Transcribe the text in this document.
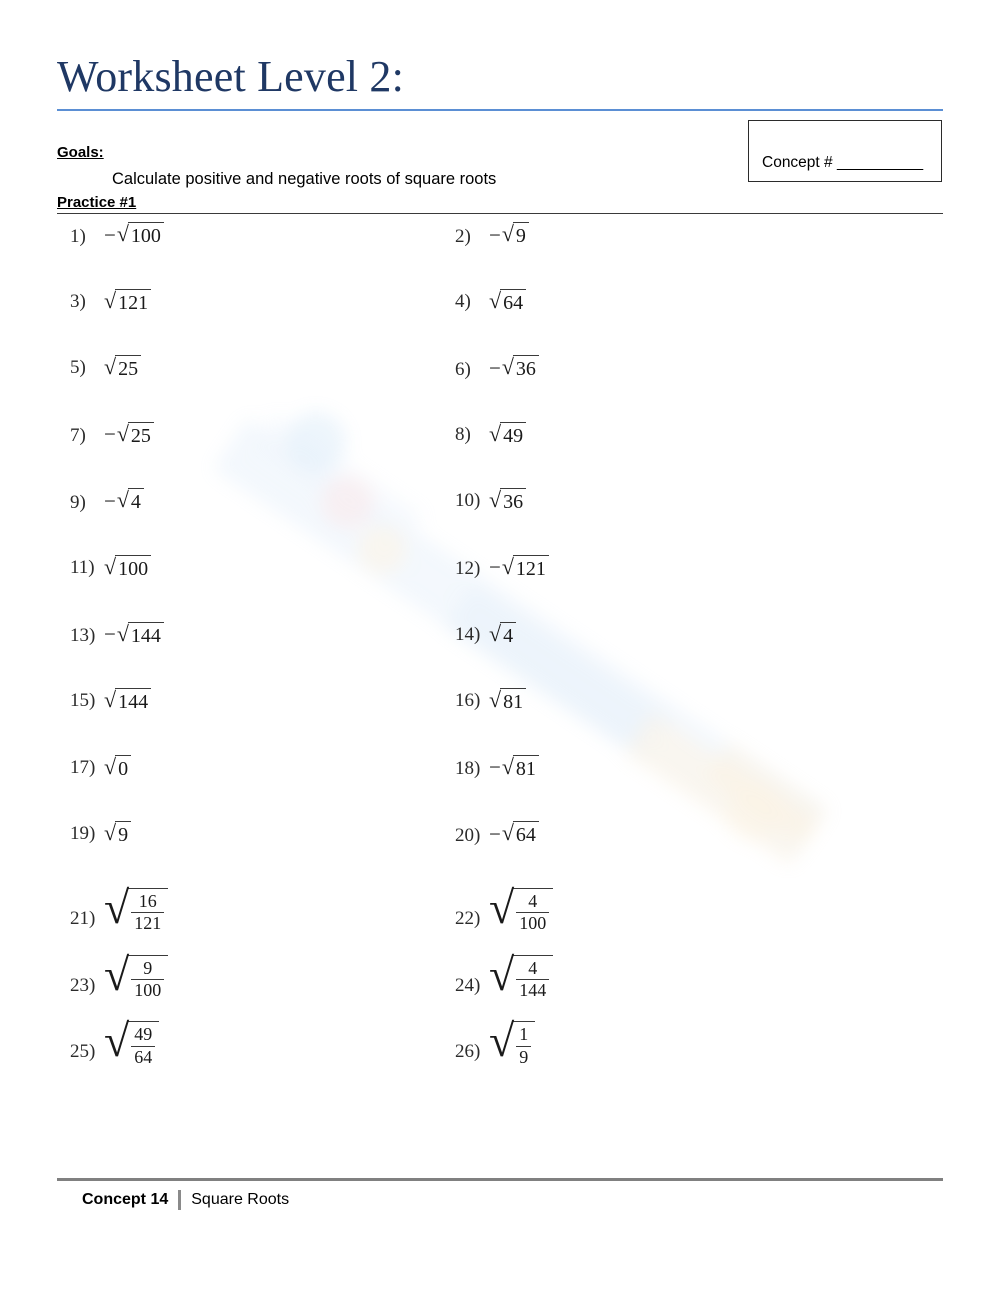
Worksheet Level 2:
Goals:
Calculate positive and negative roots of square roots
Concept # __________
Practice #1
1) − √ 100	2) − √ 9
3) √ 121	4) √ 64
5) √ 25	6) − √ 36
7) − √ 25	8) √ 49
9) − √ 4	10) √ 36
11) √ 100	12) − √ 121
13) − √ 144	14) √ 4
15) √ 144	16) √ 81
17) √ 0	18) − √ 81
19) √ 9	20) − √ 64
21) √ $\frac{16}{121}$	22) √ $\frac{4}{100}$
23) √ $\frac{9}{100}$	24) √ $\frac{4}{144}$
25) √ $\frac{49}{64}$	26) √ $\frac{1}{9}$
Concept 14 Square Roots
